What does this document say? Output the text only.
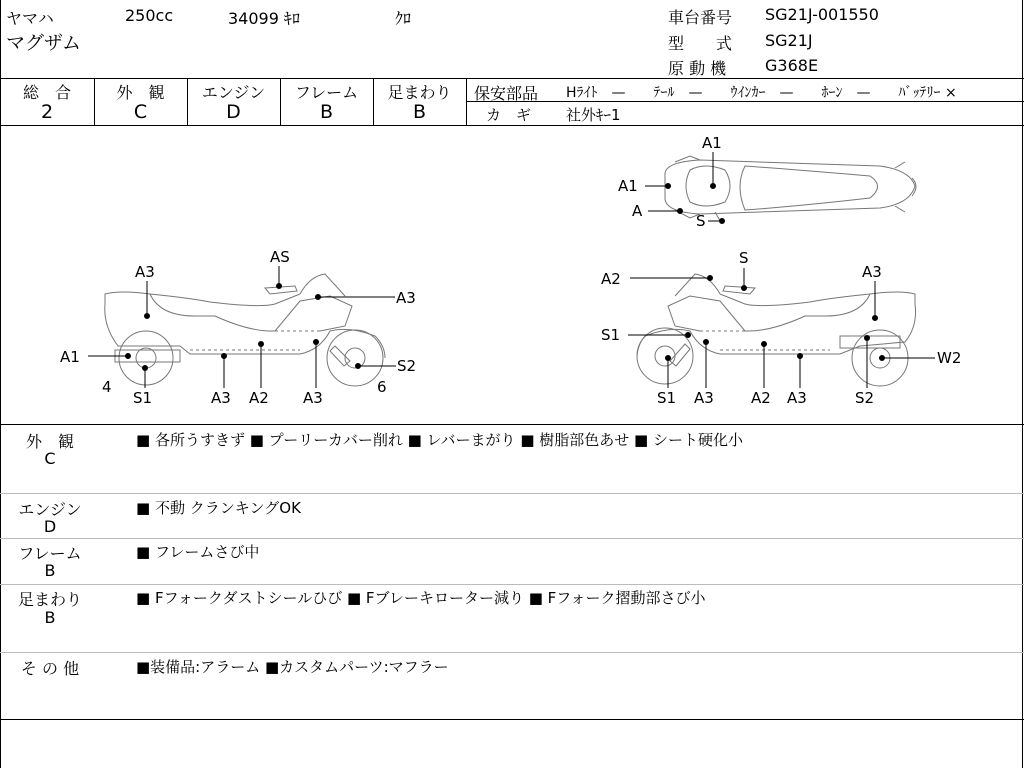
ヤマハ	250cc	34099 ｷﾛ	ｸﾛ
マグザム
車台番号 SG21J-001550
型　　式 SG21J
原 動 機 G368E
総　合
2
外　観
C
エンジン
D
フレーム
B
足まわり
B
保安部品 Hﾗｲﾄ　—　　ﾃｰﾙ　—　　ｳｲﾝｶｰ　—　　ﾎｰﾝ　—　　ﾊﾞｯﾃﾘｰ ×
カ　ギ 社外ｷｰ1
A1
A1
A
S
AS
A3
A3
A1	S2
4	6
S1	A3 A2 A3
S
A2	A3
S1
W2
S1 A3 A2 A3	S2
外　観
C
■ 各所うすきず ■ プーリーカバー削れ ■ レバーまがり ■ 樹脂部色あせ ■ シート硬化小
エンジン
D
■ 不動 クランキングOK
フレーム
B
■ フレームさび中
足まわり
B
■ Fフォークダストシールひび ■ Fブレーキローター減り ■ Fフォーク摺動部さび小
そ の 他	■装備品:アラーム ■カスタムパーツ:マフラー
